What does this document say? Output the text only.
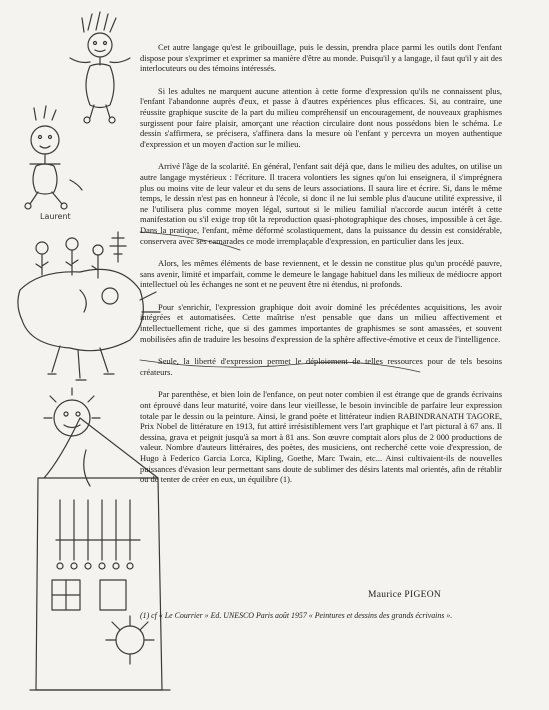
Laurent

Cet autre langage qu'est le gribouillage, puis le dessin, prendra place parmi les outils dont l'enfant dispose pour s'exprimer et exprimer sa manière d'être au monde. Puisqu'il y a langage, il faut qu'il y ait des interlocuteurs ou des témoins intéressés.

Si les adultes ne marquent aucune attention à cette forme d'expression qu'ils ne connaissent plus, l'enfant l'abandonne auprès d'eux, et passe à d'autres expériences plus efficaces. Si, au contraire, une réussite graphique suscite de la part du milieu compréhensif un encouragement, de nouveaux graphismes surgissent pour faire plaisir, amorçant une réaction circulaire dont nous possédons bien le schéma. Le dessin s'affirmera, se précisera, s'affinera dans la mesure où l'enfant y percevra un moyen authentique d'expression et un moyen d'action sur le milieu.

Arrivé l'âge de la scolarité. En général, l'enfant sait déjà que, dans le milieu des adultes, on utilise un autre langage mystérieux : l'écriture. Il tracera volontiers les signes qu'on lui enseignera, il s'imprégnera plus ou moins vite de leur valeur et du sens de leurs associations. Il saura lire et écrire. Si, dans le même temps, le dessin n'est pas en honneur à l'école, si donc il ne lui semble plus d'aucune utilité expressive, il ne l'utilisera plus comme moyen légal, surtout si le milieu familial n'accorde aucun intérêt à cette manifestation ou s'il exige trop tôt la reproduction quasi-photographique des choses, impossible à cet âge. Dans la pratique, l'enfant, même déformé scolastiquement, dans la puissance du dessin est considérable, conservera avec ses camarades ce mode irremplaçable d'expression, en particulier dans les jeux.

Alors, les mêmes éléments de base reviennent, et le dessin ne constitue plus qu'un procédé pauvre, sans avenir, limité et imparfait, comme le demeure le langage habituel dans les milieux de médiocre apport intellectuel où les échanges ne sont et ne peuvent être ni étendus, ni profonds.

Pour s'enrichir, l'expression graphique doit avoir dominé les précédentes acquisitions, les avoir intégrées et automatisées. Cette maîtrise n'est pensable que dans un milieu affectivement et intellectuellement riche, que si des gammes importantes de graphismes se sont amassées, et souvent mobilisées afin de traduire les besoins d'expression de la sphère affective-émotive et ceux de l'intelligence.

Seule, la liberté d'expression permet le déploiement de telles ressources pour de tels besoins créateurs.

Par parenthèse, et bien loin de l'enfance, on peut noter combien il est étrange que de grands écrivains ont éprouvé dans leur maturité, voire dans leur vieillesse, le besoin invincible de parfaire leur expression totale par le dessin ou la peinture. Ainsi, le grand poète et littérateur indien RABINDRANATH TAGORE, Prix Nobel de littérature en 1913, fut attiré irrésistiblement vers l'art graphique et l'art pictural à 67 ans. Il dessina, grava et peignit jusqu'à sa mort à 81 ans. Son œuvre comptait alors plus de 2 000 productions de valeur. Nombre d'auteurs littéraires, des poètes, des musiciens, ont recherché cette voie d'expression, de Hugo à Federico Garcia Lorca, Kipling, Goethe, Marc Twain, etc... Ainsi cultivaient-ils de nouvelles puissances d'évasion leur permettant sans doute de sublimer des désirs latents mal orientés, afin de rétablir ou de tenter de créer en eux, un équilibre (1).

Maurice PIGEON
(1) cf « Le Courrier » Ed. UNESCO Paris août 1957 « Peintures et dessins des grands écrivains ».
